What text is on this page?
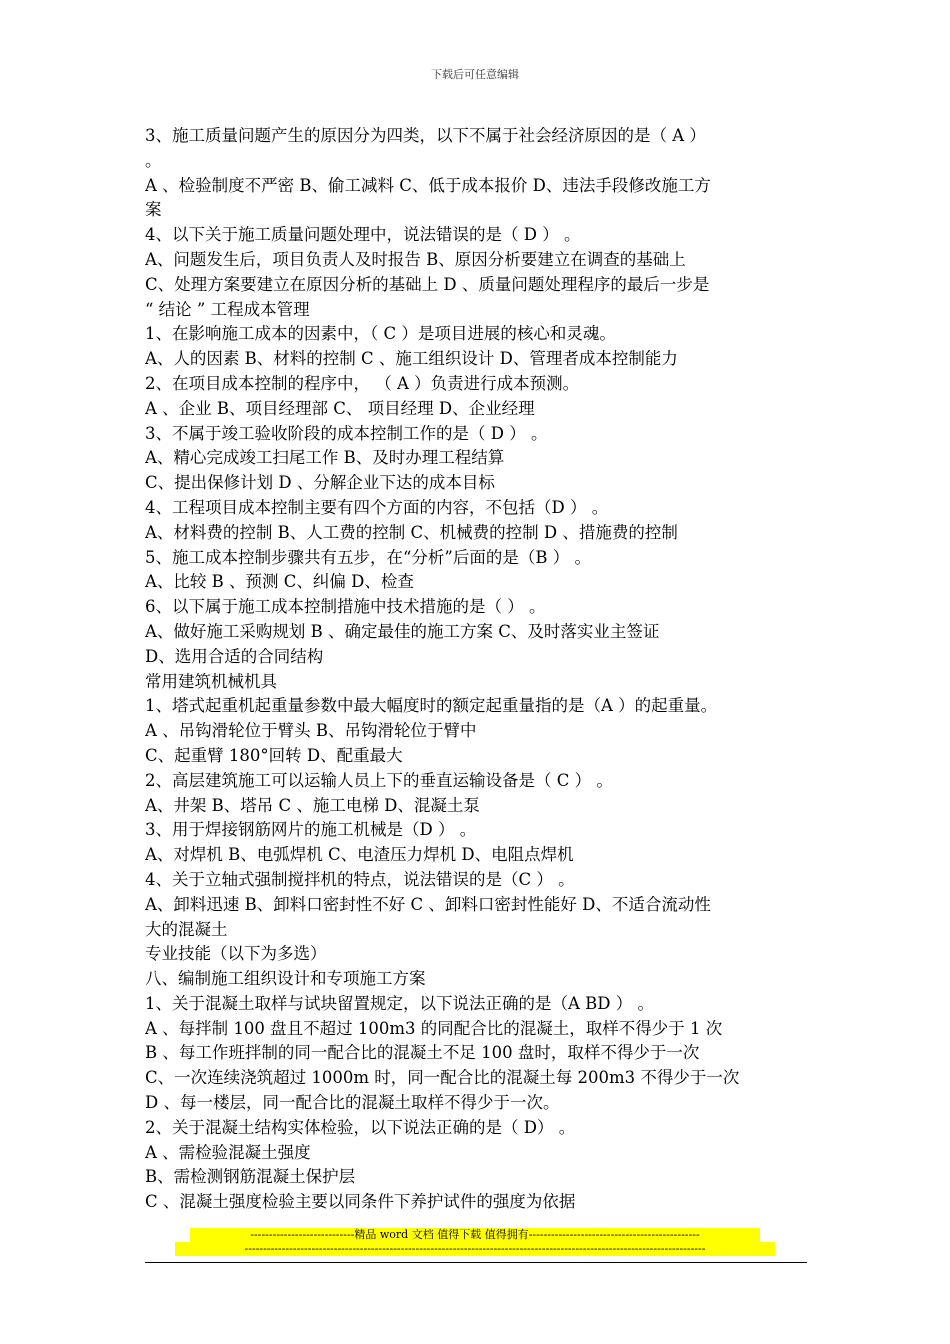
下载后可任意编辑
3、施工质量问题产生的原因分为四类，以下不属于社会经济原因的是（ A ）
。
A 、检验制度不严密 B、偷工减料 C、低于成本报价 D、违法手段修改施工方
案
4、以下关于施工质量问题处理中，说法错误的是（ D ） 。
A、问题发生后，项目负责人及时报告 B、原因分析要建立在调查的基础上
C、处理方案要建立在原因分析的基础上 D 、质量问题处理程序的最后一步是
“ 结论 ” 工程成本管理
1、在影响施工成本的因素中，（ C ）是项目进展的核心和灵魂。
A、人的因素 B、材料的控制 C 、施工组织设计 D、管理者成本控制能力
2、在项目成本控制的程序中， （ A ）负责进行成本预测。
A 、企业 B、项目经理部 C、 项目经理 D、企业经理
3、不属于竣工验收阶段的成本控制工作的是（ D ） 。
A、精心完成竣工扫尾工作 B、及时办理工程结算
C、提出保修计划 D 、分解企业下达的成本目标
4、工程项目成本控制主要有四个方面的内容，不包括（D ） 。
A、材料费的控制 B、人工费的控制 C、机械费的控制 D 、措施费的控制
5、施工成本控制步骤共有五步，在“分析”后面的是（B ） 。
A、比较 B 、预测 C、纠偏 D、检查
6、以下属于施工成本控制措施中技术措施的是（ ） 。
A、做好施工采购规划 B 、确定最佳的施工方案 C、及时落实业主签证
D、选用合适的合同结构
常用建筑机械机具
1、塔式起重机起重量参数中最大幅度时的额定起重量指的是（A ）的起重量。
A 、吊钩滑轮位于臂头 B、吊钩滑轮位于臂中
C、起重臂 180°回转 D、配重最大
2、高层建筑施工可以运输人员上下的垂直运输设备是（ C ） 。
A、井架 B、塔吊 C 、施工电梯 D、混凝土泵
3、用于焊接钢筋网片的施工机械是（D ） 。
A、对焊机 B、电弧焊机 C、电渣压力焊机 D、电阻点焊机
4、关于立轴式强制搅拌机的特点，说法错误的是（C ） 。
A、卸料迅速 B、卸料口密封性不好 C 、卸料口密封性能好 D、不适合流动性
大的混凝土
专业技能（以下为多选）
八、编制施工组织设计和专项施工方案
1、关于混凝土取样与试块留置规定，以下说法正确的是（A BD ） 。
A 、每拌制 100 盘且不超过 100m3 的同配合比的混凝土，取样不得少于 1 次
B 、每工作班拌制的同一配合比的混凝土不足 100 盘时，取样不得少于一次
C、一次连续浇筑超过 1000m 时，同一配合比的混凝土每 200m3 不得少于一次
D 、每一楼层，同一配合比的混凝土取样不得少于一次。
2、关于混凝土结构实体检验，以下说法正确的是（ D） 。
A 、需检验混凝土强度
B、需检测钢筋混凝土保护层
C 、混凝土强度检验主要以同条件下养护试件的强度为依据
----------------------------精品 word 文档 值得下载 值得拥有----------------------------------------------
----------------------------------------------------------------------------------------------------------------------------
